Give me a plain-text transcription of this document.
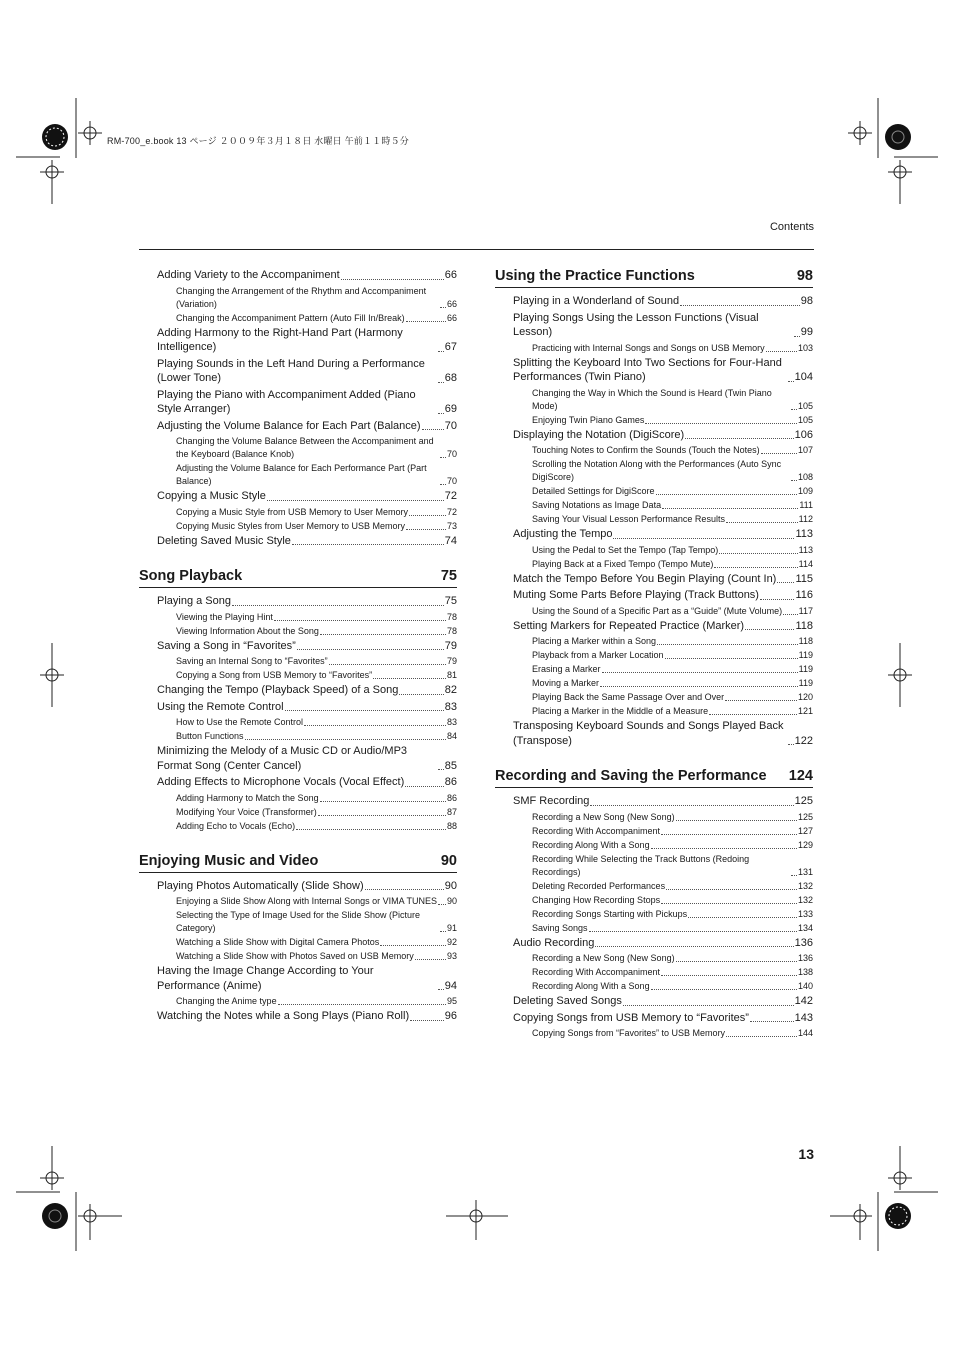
RM-700_e.book 13 ページ ２００９年３月１８日 水曜日 午前１１時５分
Contents
Adding Variety to the Accompaniment	66
Changing the Arrangement of the Rhythm and Accompaniment (Variation)	66
Changing the Accompaniment Pattern (Auto Fill In/Break)	66
Adding Harmony to the Right-Hand Part (Harmony Intelligence)	67
Playing Sounds in the Left Hand During a Performance (Lower Tone)	68
Playing the Piano with Accompaniment Added (Piano Style Arranger)	69
Adjusting the Volume Balance for Each Part (Balance) 70
Changing the Volume Balance Between the Accompaniment and the Keyboard (Balance Knob)	70
Adjusting the Volume Balance for Each Performance Part (Part Balance)	70
Copying a Music Style	72
Copying a Music Style from USB Memory to User Memory	72
Copying Music Styles from User Memory to USB Memory	73
Deleting Saved Music Style	74
Song Playback	75
Playing a Song	75
Viewing the Playing Hint	78
Viewing Information About the Song	78
Saving a Song in “Favorites”	79
Saving an Internal Song to “Favorites”	79
Copying a Song from USB Memory to “Favorites”	81
Changing the Tempo (Playback Speed) of a Song	82
Using the Remote Control	83
How to Use the Remote Control	83
Button Functions	84
Minimizing the Melody of a Music CD or Audio/MP3 Format Song (Center Cancel)	85
Adding Effects to Microphone Vocals (Vocal Effect)	86
Adding Harmony to Match the Song	86
Modifying Your Voice (Transformer)	87
Adding Echo to Vocals (Echo)	88
Enjoying Music and Video	90
Playing Photos Automatically (Slide Show)	90
Enjoying a Slide Show Along with Internal Songs or VIMA TUNES 90
Selecting the Type of Image Used for the Slide Show (Picture Category)	91
Watching a Slide Show with Digital Camera Photos	92
Watching a Slide Show with Photos Saved on USB Memory	93
Having the Image Change According to Your Performance (Anime)	94
Changing the Anime type	95
Watching the Notes while a Song Plays (Piano Roll)	96
Using the Practice Functions	98
Playing in a Wonderland of Sound	98
Playing Songs Using the Lesson Functions (Visual Lesson)	99
Practicing with Internal Songs and Songs on USB Memory	103
Splitting the Keyboard Into Two Sections for Four-Hand Performances (Twin Piano)	104
Changing the Way in Which the Sound is Heard (Twin Piano Mode)	105
Enjoying Twin Piano Games	105
Displaying the Notation (DigiScore)	106
Touching Notes to Confirm the Sounds (Touch the Notes)	107
Scrolling the Notation Along with the Performances (Auto Sync DigiScore)	108
Detailed Settings for DigiScore	109
Saving Notations as Image Data	111
Saving Your Visual Lesson Performance Results	112
Adjusting the Tempo	113
Using the Pedal to Set the Tempo (Tap Tempo)	113
Playing Back at a Fixed Tempo (Tempo Mute)	114
Match the Tempo Before You Begin Playing (Count In) 115
Muting Some Parts Before Playing (Track Buttons)	116
Using the Sound of a Specific Part as a “Guide” (Mute Volume) 117
Setting Markers for Repeated Practice (Marker)	118
Placing a Marker within a Song	118
Playback from a Marker Location	119
Erasing a Marker	119
Moving a Marker	119
Playing Back the Same Passage Over and Over	120
Placing a Marker in the Middle of a Measure	121
Transposing Keyboard Sounds and Songs Played Back (Transpose)	122
Recording and Saving the Performance 124
SMF Recording	125
Recording a New Song (New Song)	125
Recording With Accompaniment	127
Recording Along With a Song	129
Recording While Selecting the Track Buttons (Redoing Recordings)	131
Deleting Recorded Performances	132
Changing How Recording Stops	132
Recording Songs Starting with Pickups	133
Saving Songs	134
Audio Recording	136
Recording a New Song (New Song)	136
Recording With Accompaniment	138
Recording Along With a Song	140
Deleting Saved Songs	142
Copying Songs from USB Memory to “Favorites”	143
Copying Songs from “Favorites” to USB Memory	144
13
